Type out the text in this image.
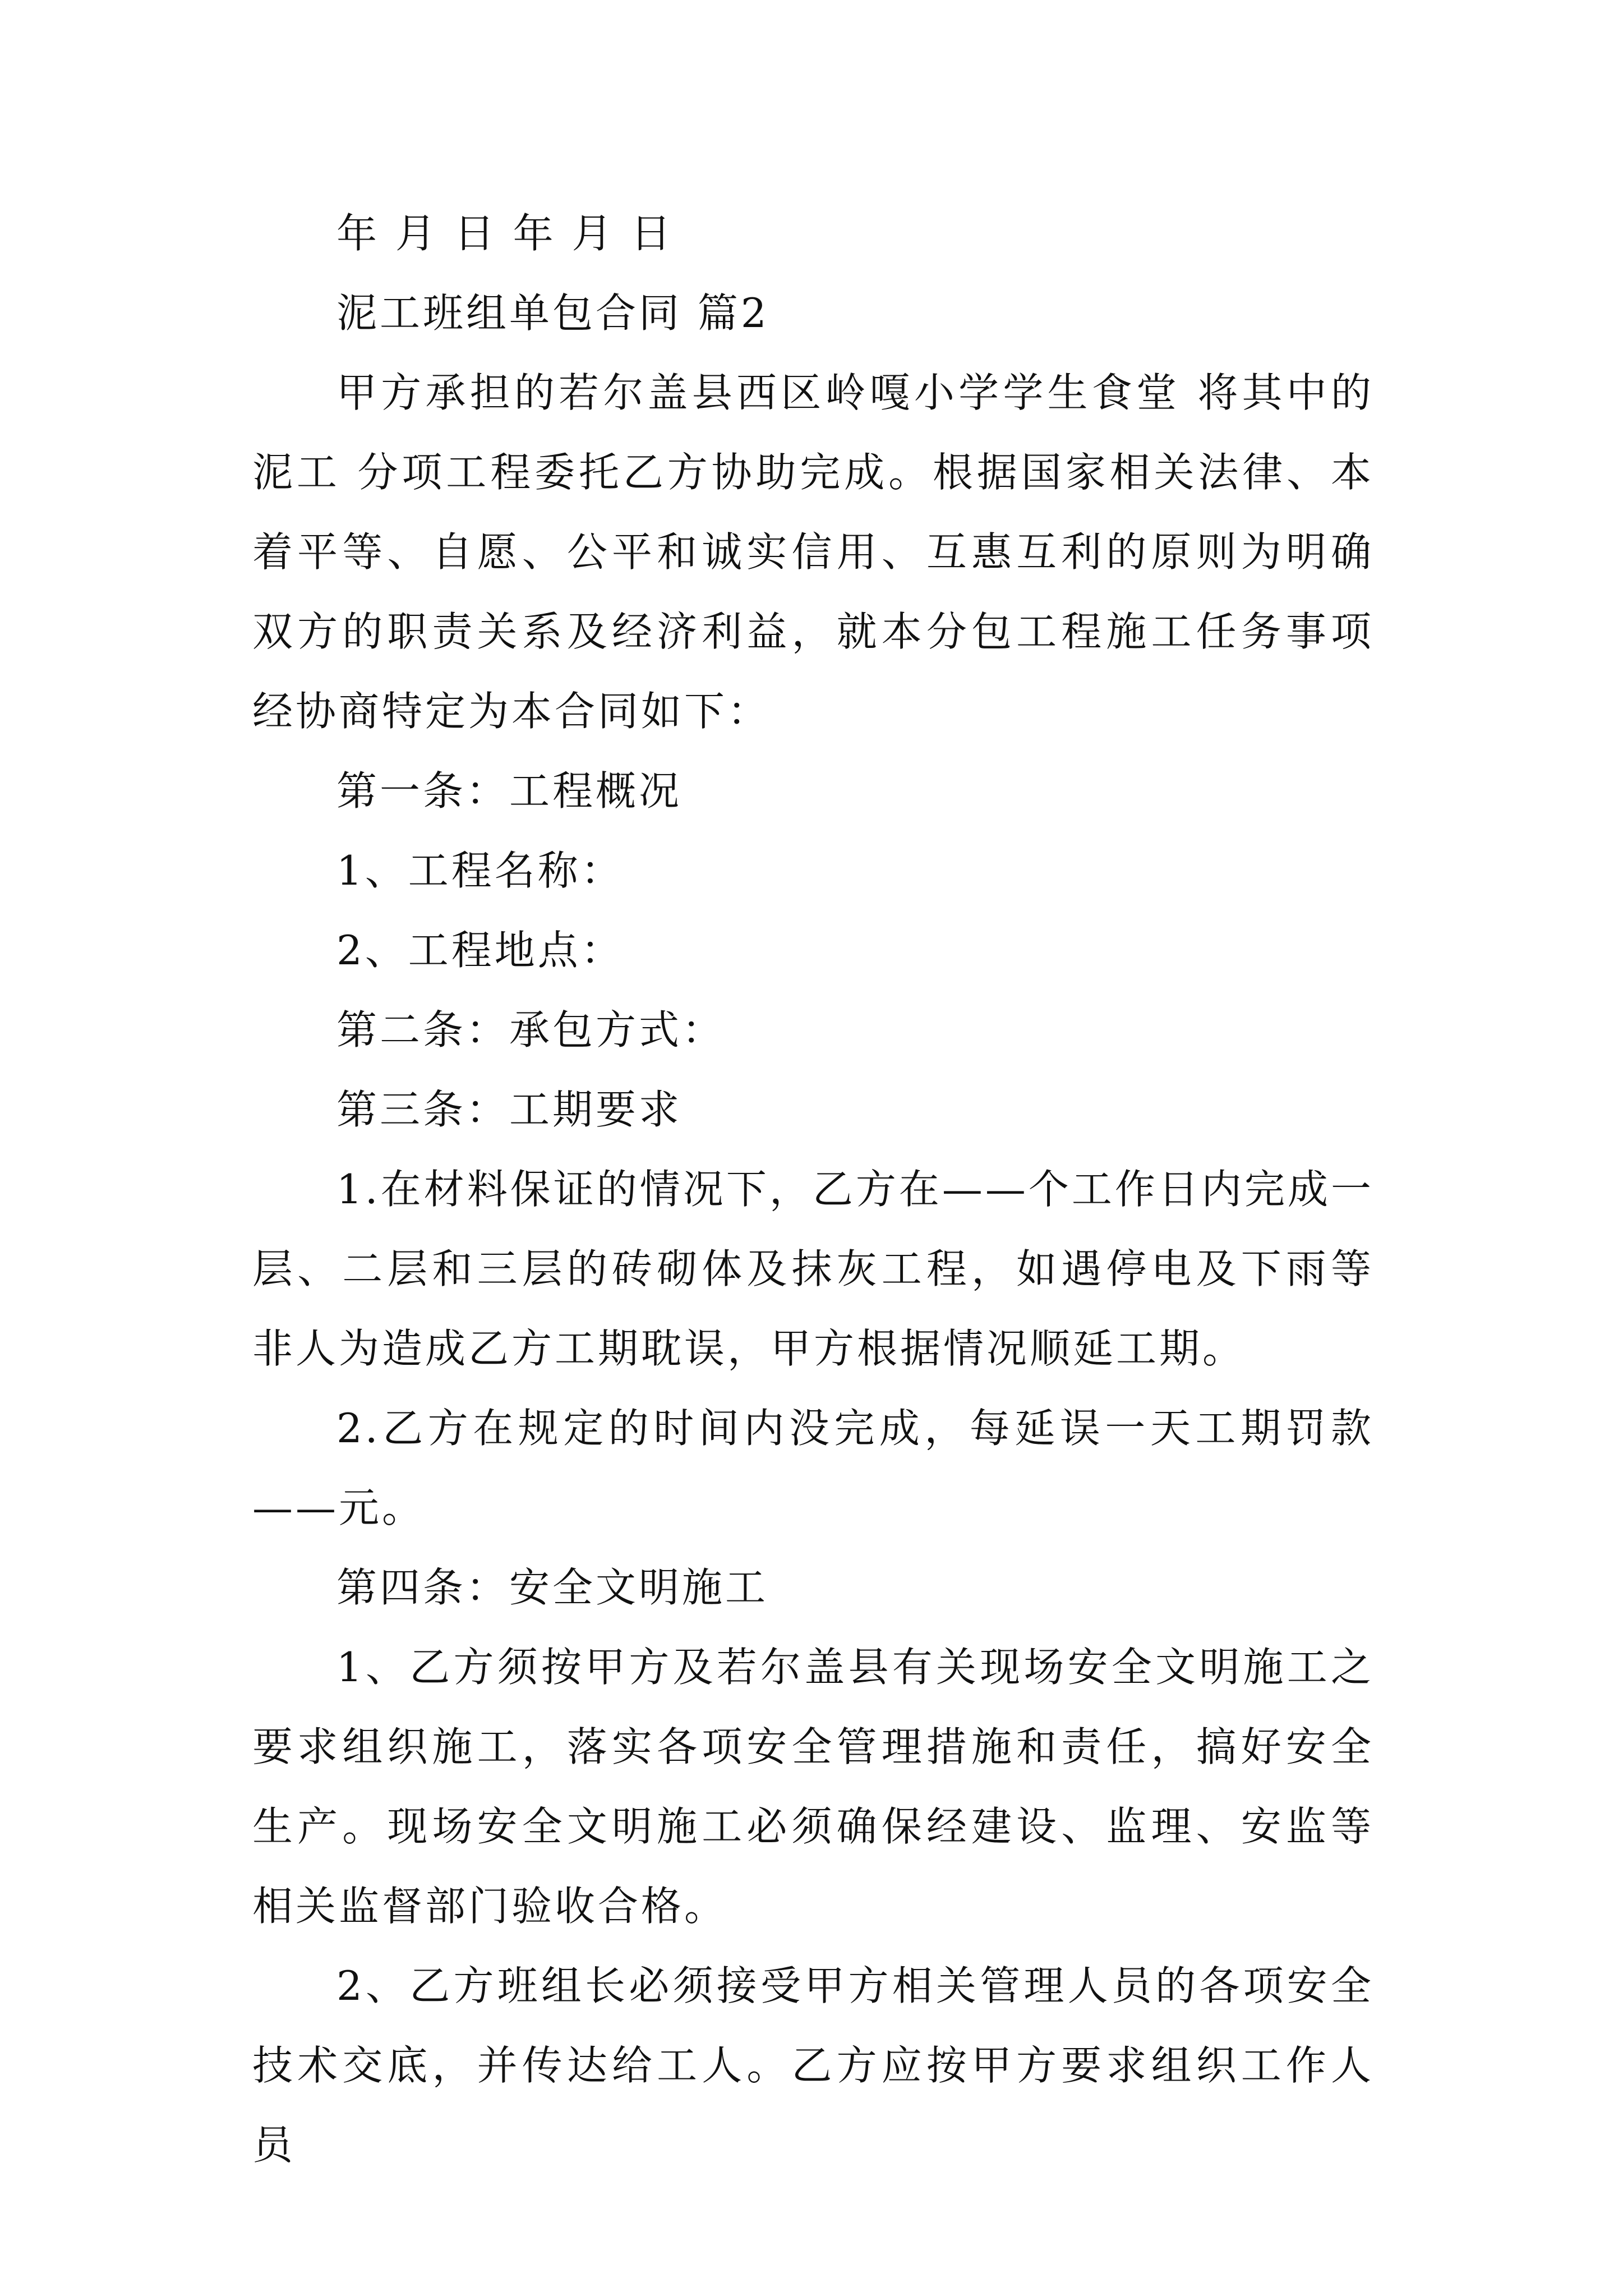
年 月 日 年 月 日

泥工班组单包合同 篇2

甲方承担的若尔盖县西区岭嘎小学学生食堂 将其中的泥工 分项工程委托乙方协助完成。根据国家相关法律、本着平等、自愿、公平和诚实信用、互惠互利的原则为明确双方的职责关系及经济利益，就本分包工程施工任务事项经协商特定为本合同如下：

第一条：工程概况

1、工程名称：

2、工程地点：

第二条：承包方式：

第三条：工期要求

1.在材料保证的情况下，乙方在——个工作日内完成一层、二层和三层的砖砌体及抹灰工程，如遇停电及下雨等非人为造成乙方工期耽误，甲方根据情况顺延工期。

2.乙方在规定的时间内没完成，每延误一天工期罚款——元。

第四条：安全文明施工

1、乙方须按甲方及若尔盖县有关现场安全文明施工之要求组织施工，落实各项安全管理措施和责任，搞好安全生产。现场安全文明施工必须确保经建设、监理、安监等相关监督部门验收合格。

2、乙方班组长必须接受甲方相关管理人员的各项安全技术交底，并传达给工人。乙方应按甲方要求组织工作人员
